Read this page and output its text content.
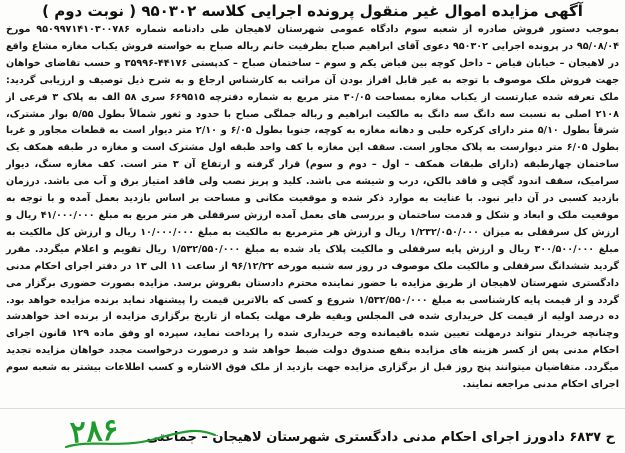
آگهی مزایده اموال غیر منقول پرونده اجرایی کلاسه ۹۵۰۳۰۲ ( نوبت دوم )
بموجب دستور فروش صادره از شعبه سوم دادگاه عمومی شهرستان لاهیجان طی دادنامه شماره ۹۵۰۹۹۷۱۴۱۰۳۰۰۷۸۶ مورخ ۹۵/۰۸/۰۴ در پرونده اجرایی ۹۵۰۳۰۲ دعوی آقای ابراهیم صباح بطرفیت خانم رباله صباح به خواسته فروش یکباب مغازه مشاع واقع در لاهیجان – خیابان فیاض – داخل کوچه بین فیاض یکم و سوم – ساختمان صباح – کدپستی ۴۴۱۷۶-۳۵۹۹۶ و حسب تقاضای خواهان جهت فروش ملک موصوف با توجه به غیر قابل افراز بودن آن مراتب به کارشناس ارجاع و به شرح ذیل توصیف و ارزیابی گردید: ملک تعرفه شده عبارتست از یکباب مغازه بمساحت ۳۰/۰۵ متر مربع به شماره دفترچه ۶۶۹۵۱۵ سری ۵۸ الف به پلاک ۳ فرعی از ۲۱۰۸ اصلی به نسبت سه دانگ سه دانگ به مالکیت ابراهیم و رباله جملگی صباح با حدود و ثغور شمالاً بطول ۵/۵۵ بوار مشترک، شرقاً بطول ۵/۱۰ متر دارای کرکره حلبی و دهانه مغازه به کوچه، جنوبا بطول ۶/۰۵ و ۲/۱۰ متر دیوار است به قطعات مجاور و غربا بطول ۶/۰۵ متر دیوارست به پلاک مجاور است. سقف این مغازه با کف واحد طبقه اول مشترک است و مغازه در طبقه همکف یک ساختمان چهارطبقه (دارای طبقات همکف – اول – دوم و سوم) قرار گرفته و ارتفاع آن ۳ متر است. کف مغازه سنگ، دیوار سرامیک، سقف اندود گچی و فاقد بالکن، درب و شیشه می باشد. کلید و پریز نصب ولی فاقد امتیاز برق و آب می باشد. درزمان بازدید کسبی در آن دایر نبود. با عنایت به موارد ذکر شده و موقعیت مکانی و مساحت بر اساس بازدید بعمل آمده و با توجه به موقعیت ملک و ابعاد و شکل و قدمت ساختمان و بررسی های بعمل آمده ارزش سرقفلی هر متر مربع به مبلغ ۴۱/۰۰۰/۰۰۰ ریال و ارزش کل سرقفلی به میزان ۱/۲۳۲/۰۵۰/۰۰۰ ریال و ارزش هر مترمربع به مالکیت به مبلغ ۱۰/۰۰۰/۰۰۰ ریال و ارزش کل مالکیت به مبلغ ۳۰۰/۵۰۰/۰۰۰ ریال و ارزش پایه سرقفلی و مالکیت پلاک یاد شده به مبلغ ۱/۵۳۲/۵۵۰/۰۰۰ ریال تقویم و اعلام میگردد. مقرر گردید ششدانگ سرقفلی و مالکیت ملک موصوف در روز سه شنبه مورخه ۹۶/۱۲/۲۲ از ساعت ۱۱ الی ۱۳ در دفتر اجرای احکام مدنی دادگستری شهرستان لاهیجان از طریق مزایده با حضور نماینده محترم دادستان بفروش برسد. مزایده بصورت حضوری برگزار می گردد و از قیمت پایه کارشناسی به مبلغ ۱/۵۳۲/۵۵۰/۰۰۰ شروع و کسی که بالاترین قیمت را پیشنهاد نماید برنده مزایده خواهد بود. ده درصد اولیه از قیمت کل خریداری شده فی المجلس وبقیه ظرف مهلت یکماه از تاریخ برگزاری مزایده از برنده اخذ خواهدشد وچنانچه خریدار نتواند درمهلت تعیین شده باقیمانده وجه خریداری شده را پرداخت نماید، سپرده او وفق ماده ۱۲۹ قانون اجرای احکام مدنی پس از کسر هزینه های مزایده بنفع صندوق دولت ضبط خواهد شد و درصورت درخواست مجدد خواهان مزایده تجدید میگردد. متقاضیان میتوانند پنج روز قبل از برگزاری مزایده جهت بازدید از ملک فوق الاشاره و کسب اطلاعات بیشتر به شعبه سوم اجرای احکام مدنی مراجعه نمایند.
ح ۶۸۳۷ دادورز اجرای احکام مدنی دادگستری شهرستان لاهیجان – جماعتی
۲۸۶
